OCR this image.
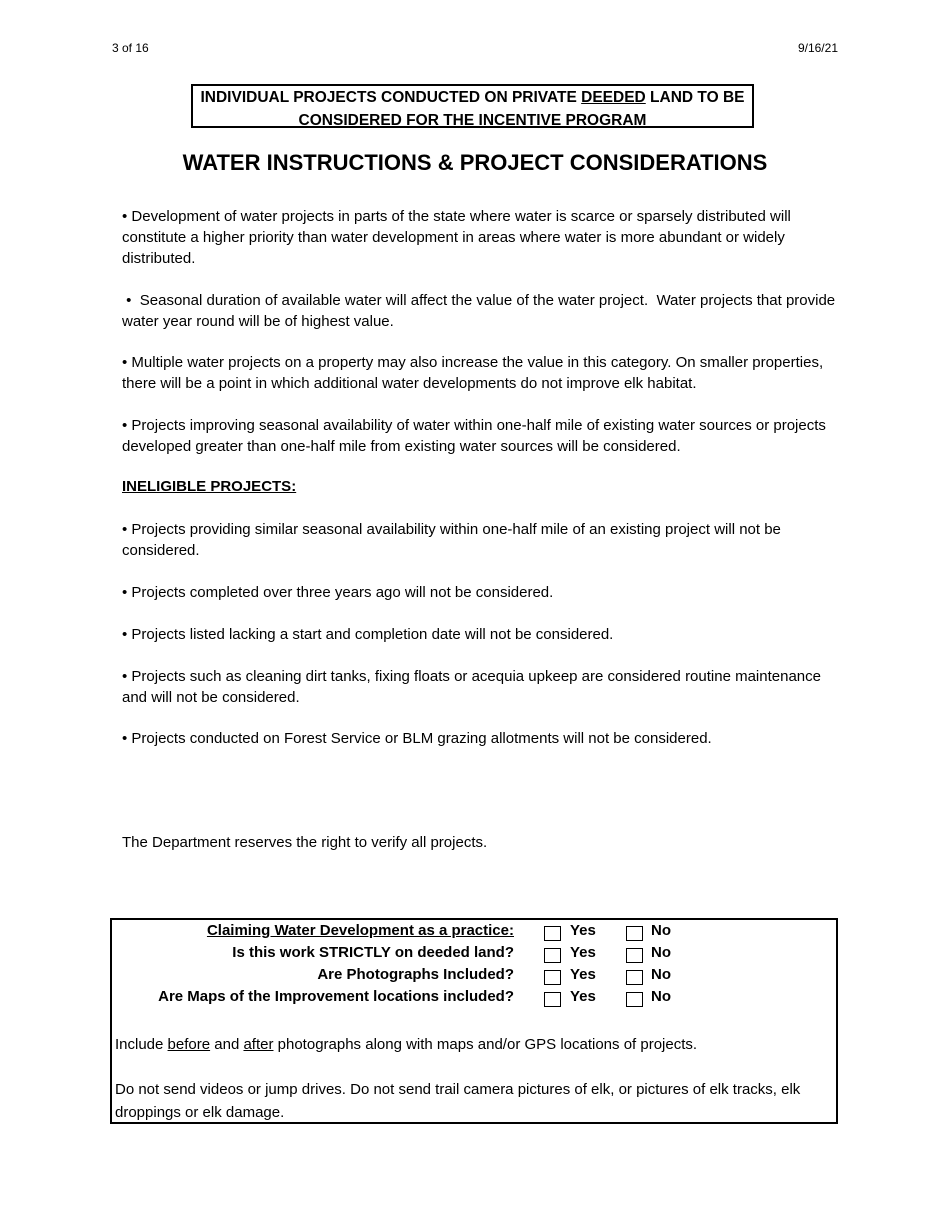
3 of 16	9/16/21
INDIVIDUAL PROJECTS CONDUCTED ON PRIVATE DEEDED LAND TO BE
CONSIDERED FOR THE INCENTIVE PROGRAM
WATER INSTRUCTIONS & PROJECT CONSIDERATIONS
• Development of water projects in parts of the state where water is scarce or sparsely distributed will constitute a higher priority than water development in areas where water is more abundant or widely distributed.
•  Seasonal duration of available water will affect the value of the water project.  Water projects that provide water year round will be of highest value.
• Multiple water projects on a property may also increase the value in this category. On smaller properties, there will be a point in which additional water developments do not improve elk habitat.
• Projects improving seasonal availability of water within one-half mile of existing water sources or projects developed greater than one-half mile from existing water sources will be considered.
INELIGIBLE PROJECTS:
• Projects providing similar seasonal availability within one-half mile of an existing project will not be considered.
• Projects completed over three years ago will not be considered.
• Projects listed lacking a start and completion date will not be considered.
• Projects such as cleaning dirt tanks, fixing floats or acequia upkeep are considered routine maintenance and will not be considered.
• Projects conducted on Forest Service or BLM grazing allotments will not be considered.
The Department reserves the right to verify all projects.
Claiming Water Development as a practice:	Yes	No
Is this work STRICTLY on deeded land?	Yes	No
Are Photographs Included?	Yes	No
Are Maps of the Improvement locations included?	Yes	No
Include before and after photographs along with maps and/or GPS locations of projects.
Do not send videos or jump drives. Do not send trail camera pictures of elk, or pictures of elk tracks, elk droppings or elk damage.
